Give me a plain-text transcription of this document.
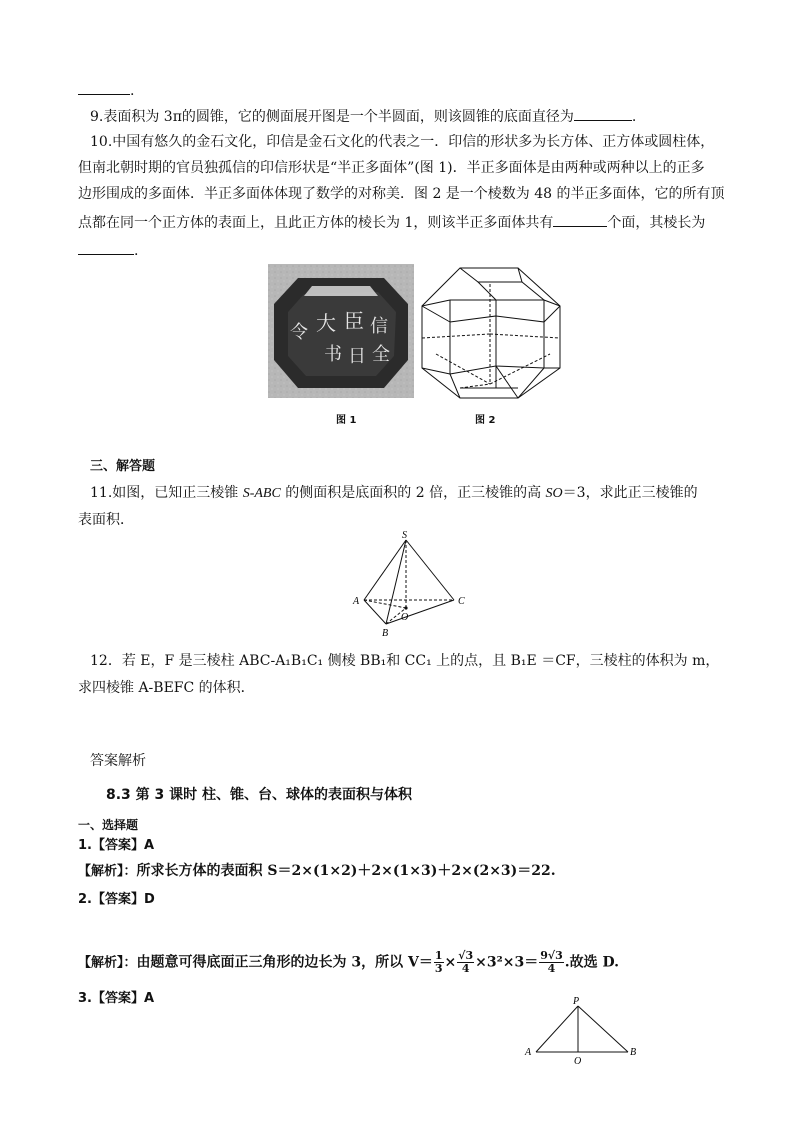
.
9.表面积为 3π的圆锥，它的侧面展开图是一个半圆面，则该圆锥的底面直径为	.
10.中国有悠久的金石文化，印信是金石文化的代表之一．印信的形状多为长方体、正方体或圆柱体，
但南北朝时期的官员独孤信的印信形状是“半正多面体”(图 1)．半正多面体是由两种或两种以上的正多
边形围成的多面体．半正多面体体现了数学的对称美．图 2 是一个棱数为 48 的半正多面体，它的所有顶
点都在同一个正方体的表面上，且此正方体的棱长为 1，则该半正多面体共有	个面，其棱长为
.
令 大 臣 信
全
书 日
图 1	图 2
三、解答题
11.如图，已知正三棱锥 S-ABC 的侧面积是底面积的 2 倍，正三棱锥的高 SO＝3，求此正三棱锥的
表面积．
S
A	C
O
B
12．若 E，F 是三棱柱 ABC-A₁B₁C₁ 侧棱 BB₁和 CC₁ 上的点，且 B₁E ＝CF，三棱柱的体积为 m，
求四棱锥 A-BEFC 的体积．
答案解析
8.3 第 3 课时 柱、锥、台、球体的表面积与体积
一、选择题
1.【答案】A
【解析】：所求长方体的表面积 S＝2×(1×2)＋2×(1×3)＋2×(2×3)＝22.
2.【答案】D
【解析】：由题意可得底面正三角形的边长为 3，所以 $V= \frac{1}{3} \times \frac{√3}{4} \times 3^2\times 3= \frac{9√3}{4}$ .故选 D.
3.【答案】A	P
A	B
O
